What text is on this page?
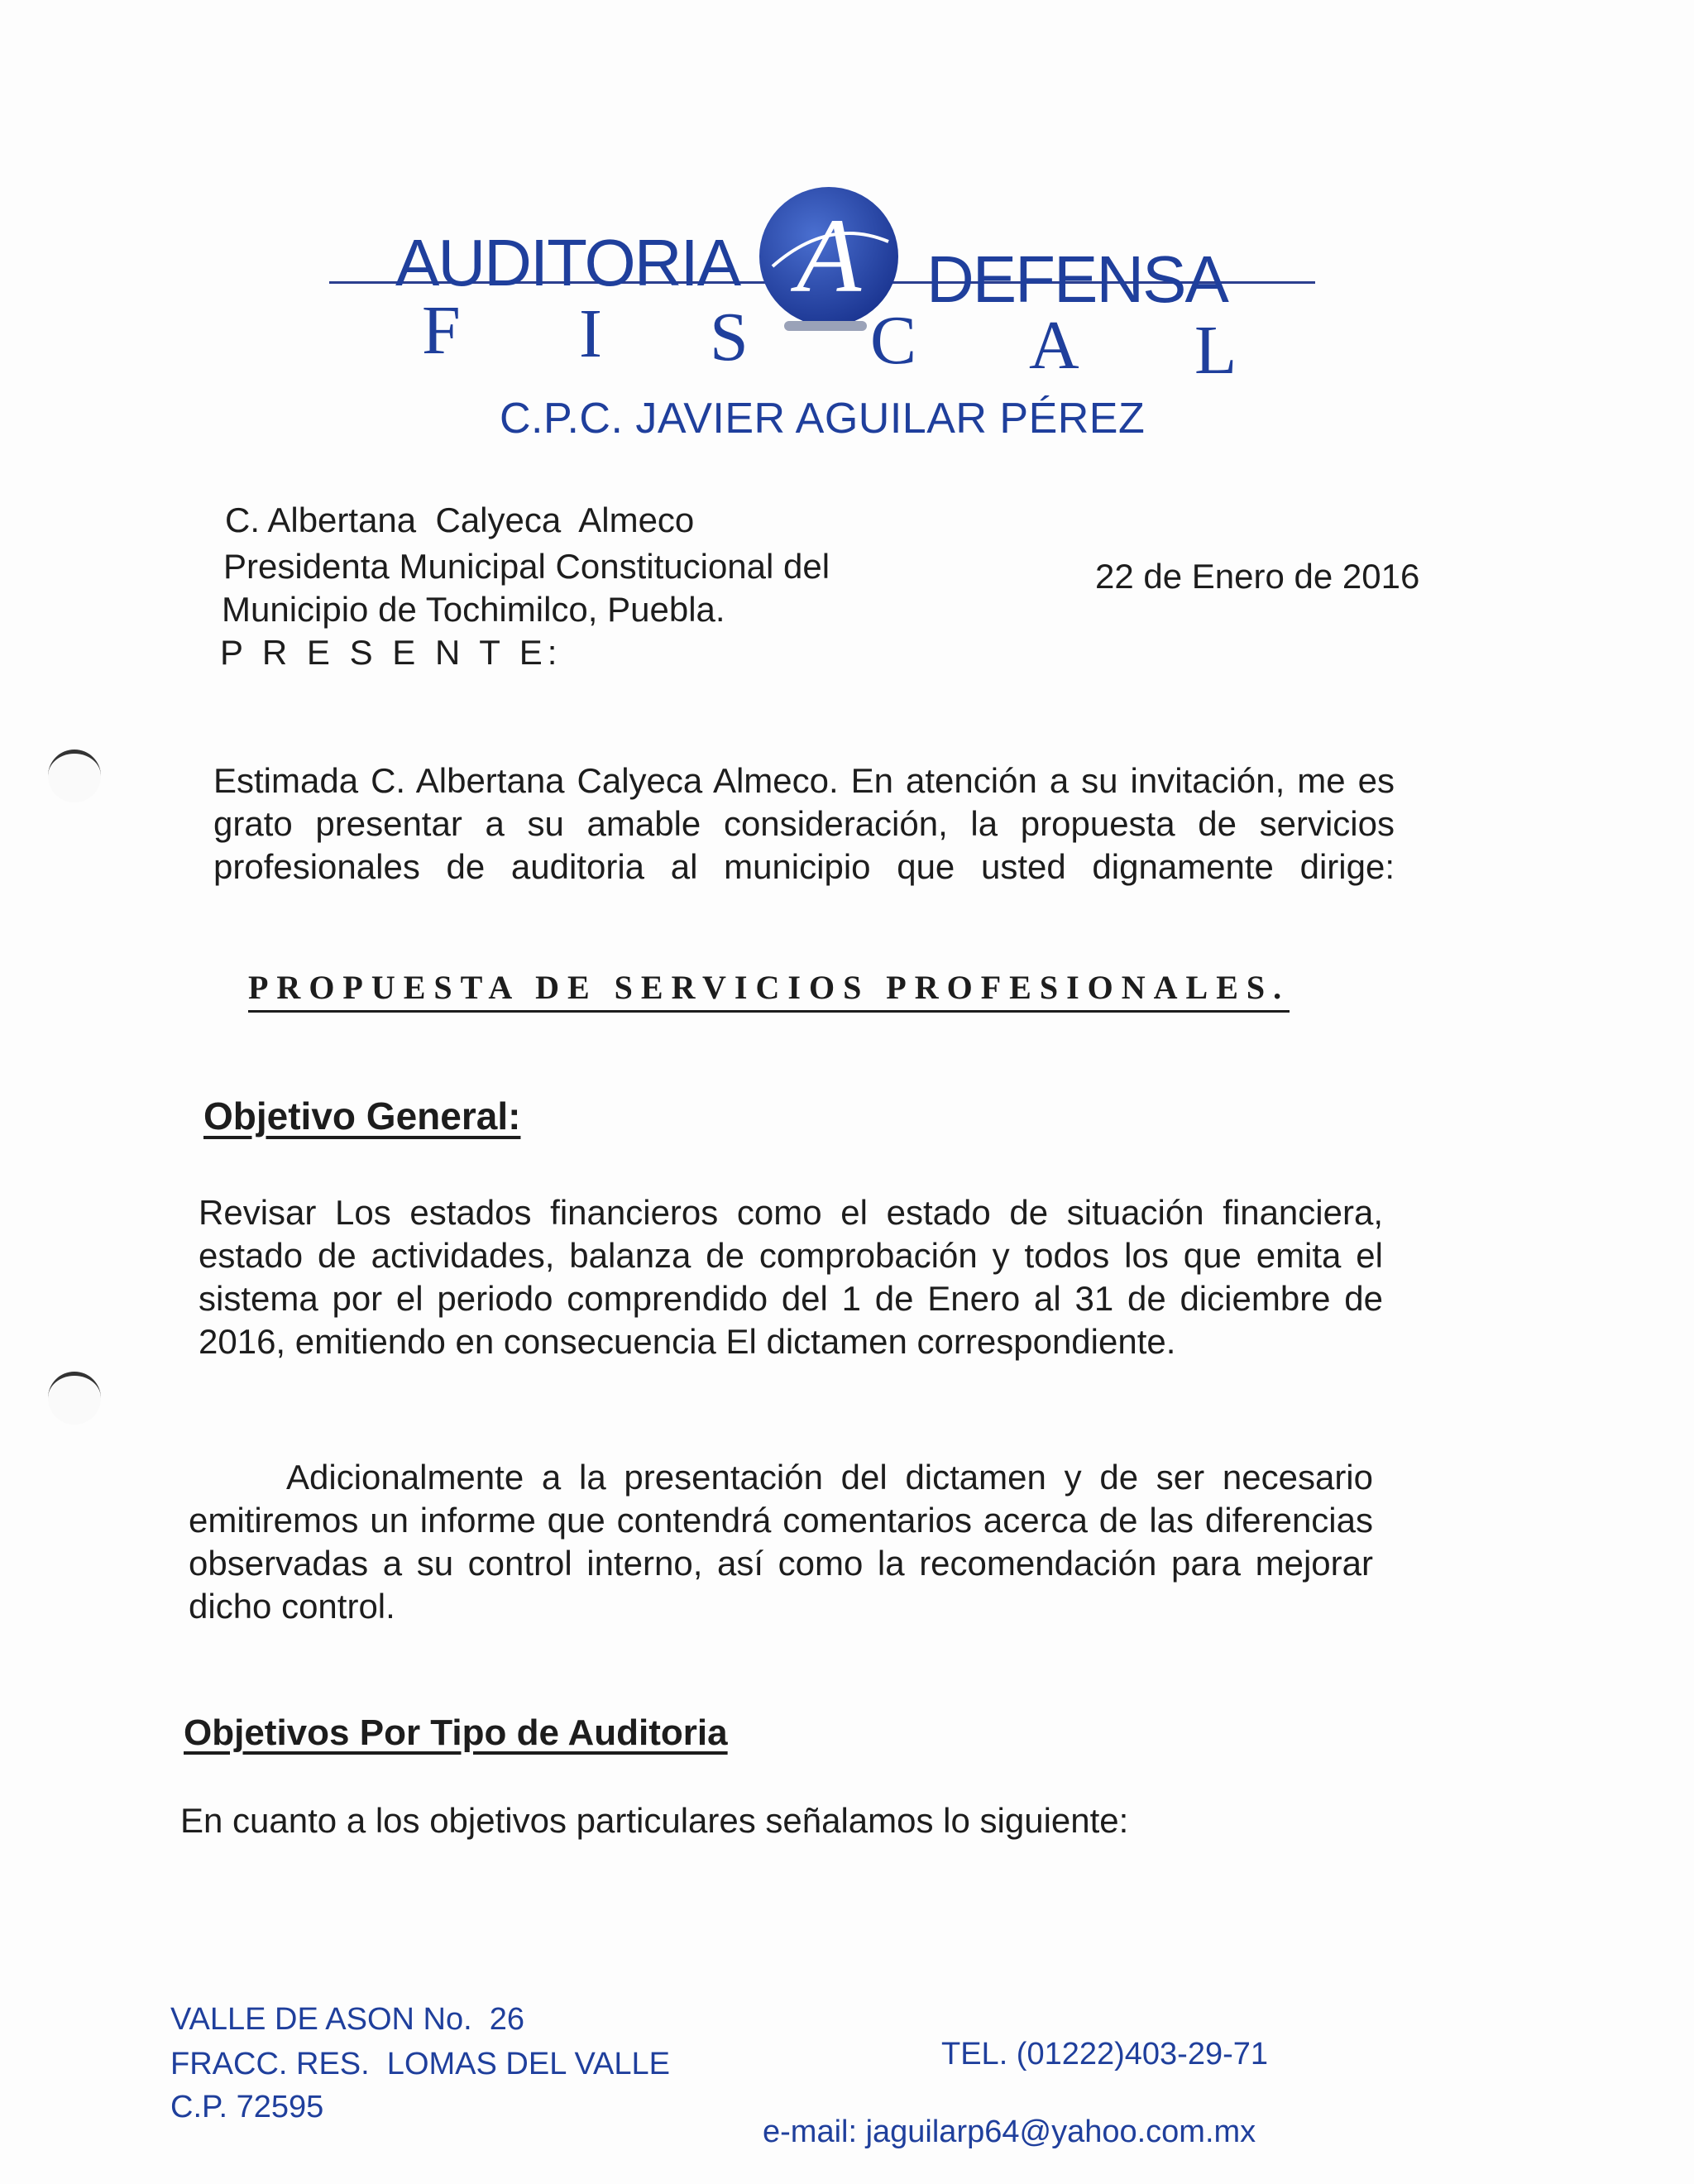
AUDITORIA	DEFENSA
A
F I S C A L
C.P.C. JAVIER AGUILAR PÉREZ
C. Albertana  Calyeca  Almeco
Presidenta Municipal Constitucional del
Municipio de Tochimilco, Puebla.
P R E S E N T E:
22 de Enero de 2016
Estimada C. Albertana Calyeca Almeco. En atención a su invitación, me es grato presentar a su amable consideración, la propuesta de servicios profesionales de auditoria al municipio que usted dignamente dirige:
PROPUESTA DE SERVICIOS PROFESIONALES.
Objetivo General:
Revisar Los estados financieros como el estado de situación financiera, estado de actividades, balanza de comprobación y todos los que emita el sistema por el periodo comprendido del 1 de Enero al 31 de diciembre de 2016, emitiendo en consecuencia El dictamen correspondiente.
Adicionalmente a la presentación del dictamen y de ser necesario emitiremos un informe que contendrá comentarios acerca de las diferencias observadas a su control interno, así como la recomendación para mejorar dicho control.
Objetivos Por Tipo de Auditoria
En cuanto a los objetivos particulares señalamos lo siguiente:
VALLE DE ASON No.  26
FRACC. RES.  LOMAS DEL VALLE
C.P. 72595
TEL. (01222)403-29-71
e-mail: jaguilarp64@yahoo.com.mx
